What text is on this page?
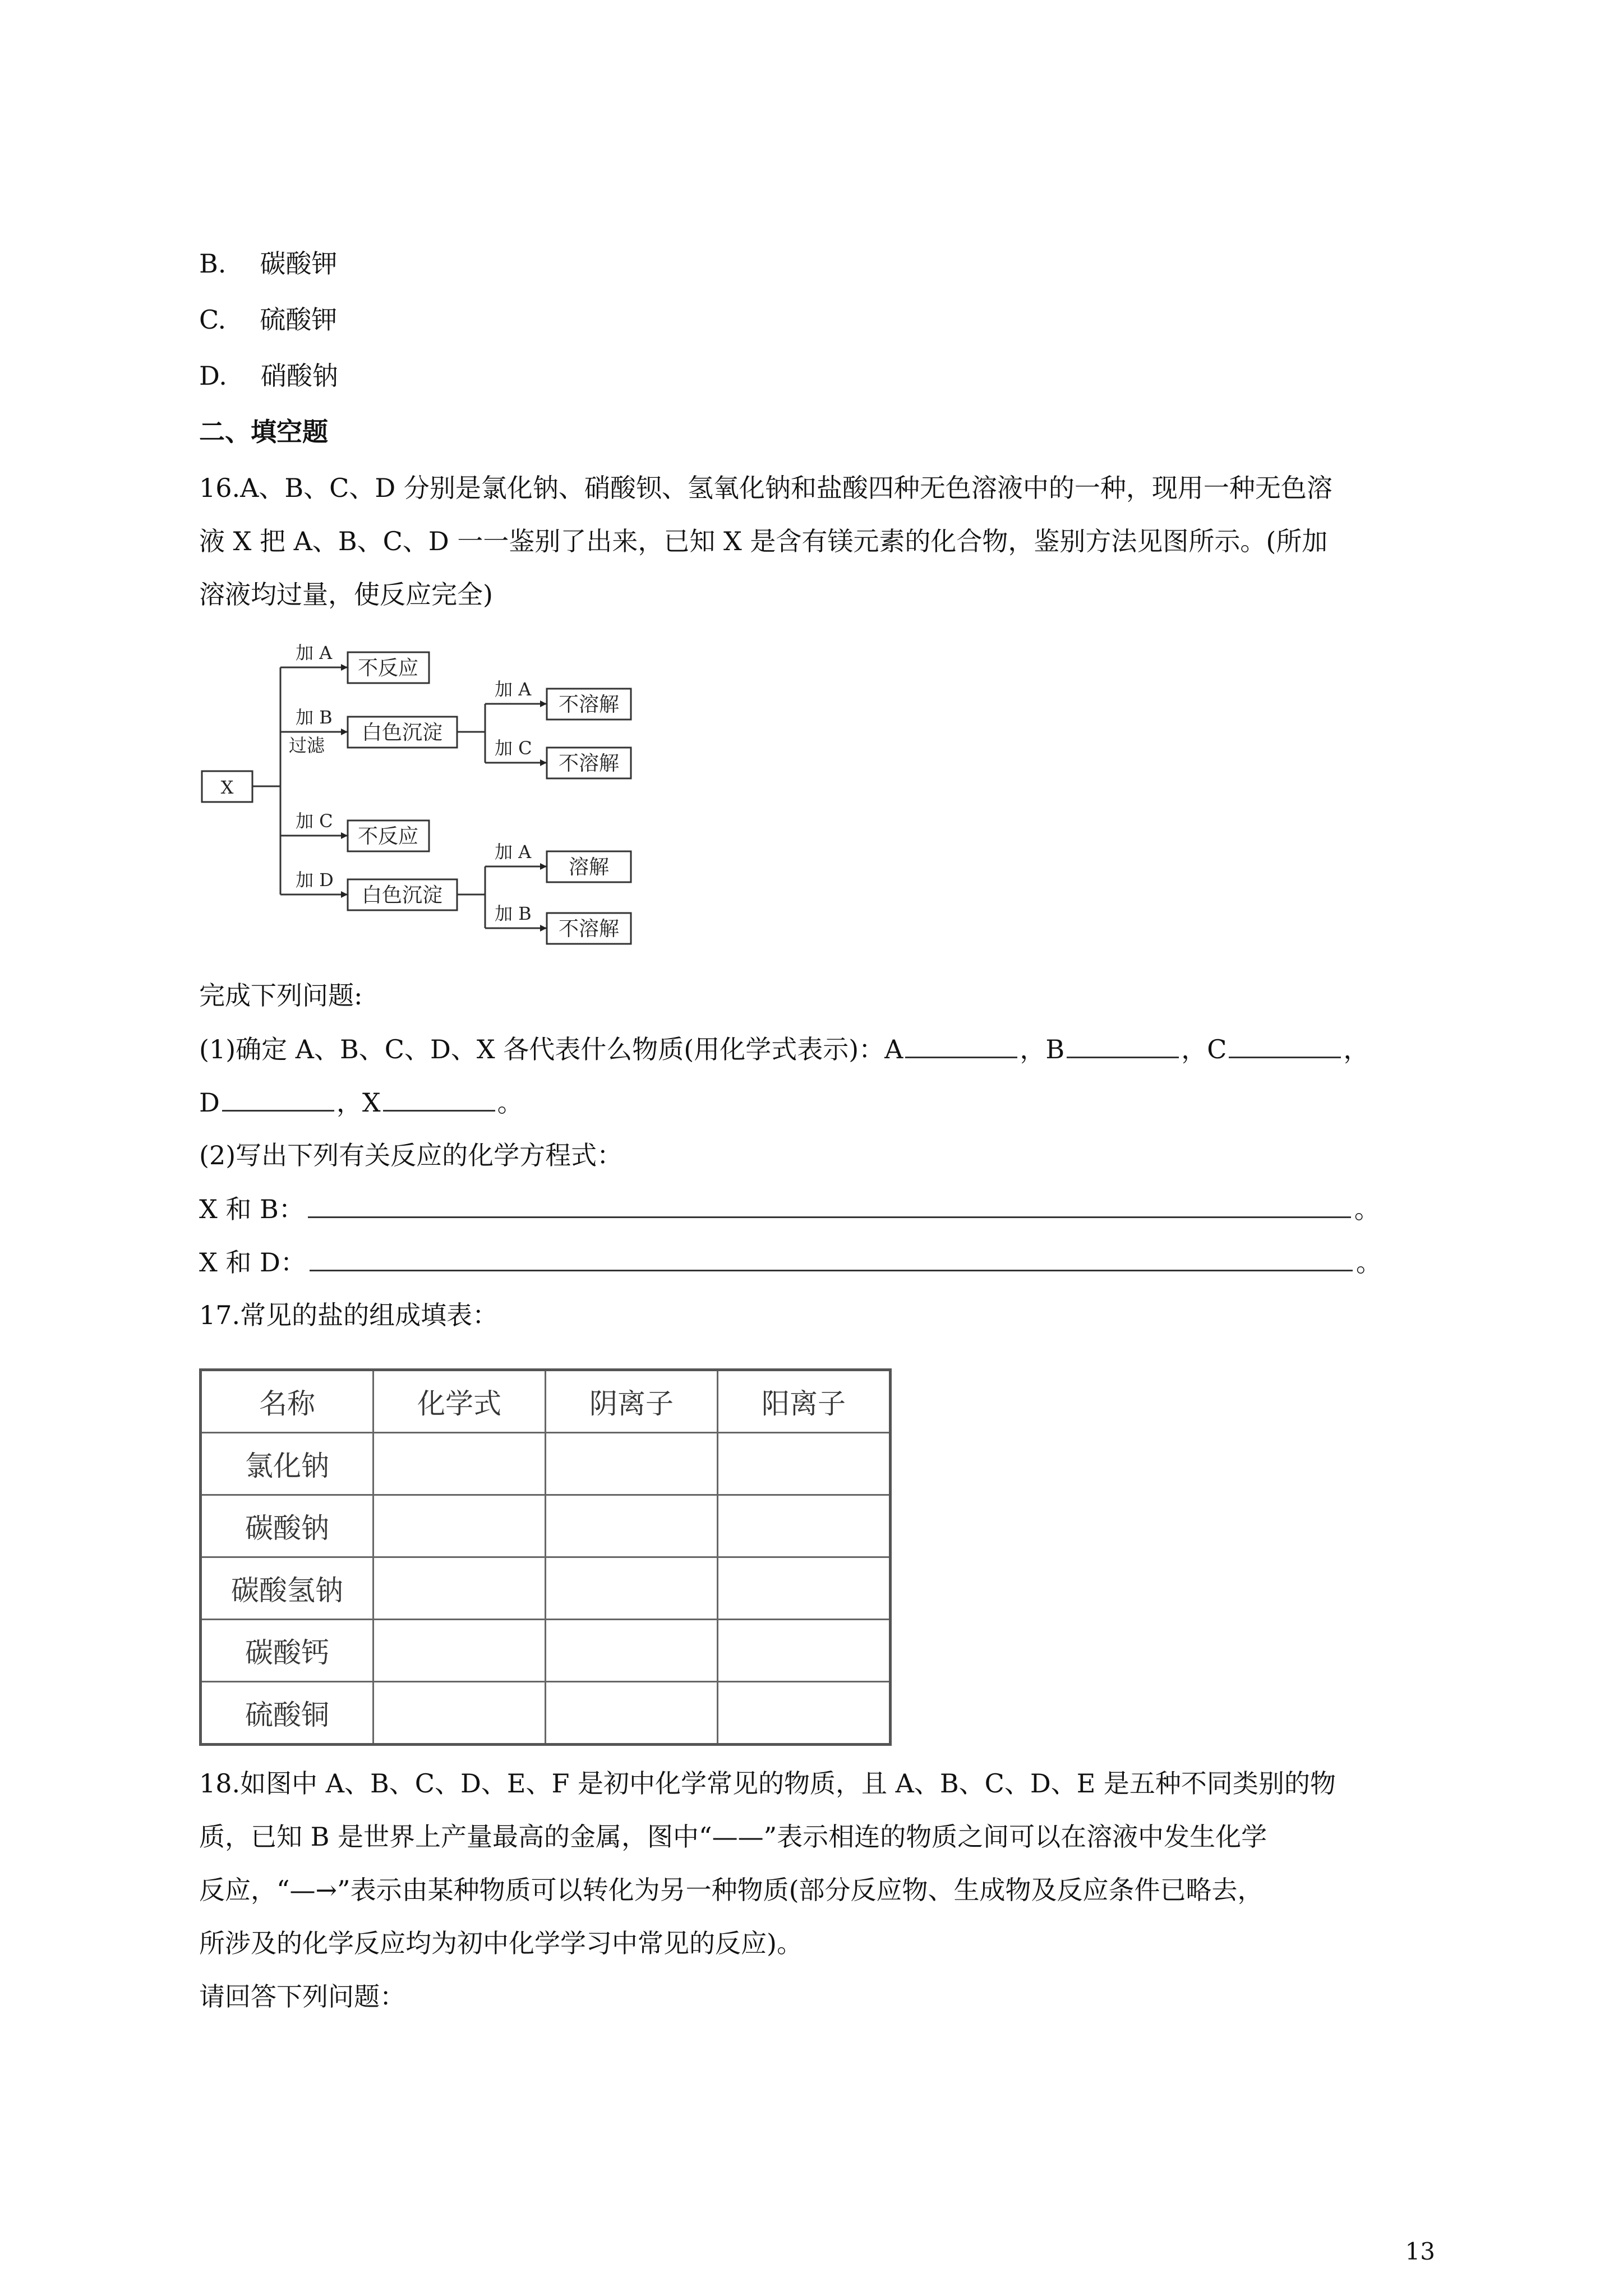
B. 碳酸钾
C. 硫酸钾
D. 硝酸钠
二、填空题
16.A、B、C、D 分别是氯化钠、硝酸钡、氢氧化钠和盐酸四种无色溶液中的一种，现用一种无色溶
液 X 把 A、B、C、D 一一鉴别了出来，已知 X 是含有镁元素的化合物，鉴别方法见图所示。(所加
溶液均过量，使反应完全)
X
加 A
加 B
过滤
加 C
加 D
不反应
白色沉淀
不反应
白色沉淀
加 A
加 C
不溶解
不溶解
加 A
加 B
溶解
不溶解
完成下列问题:
(1)确定 A、B、C、D、X 各代表什么物质(用化学式表示)：A	，B	，C	，
D	，X	。
(2)写出下列有关反应的化学方程式：
X 和 B：	。
X 和 D：	。
17.常见的盐的组成填表：
名称	化学式	阴离子	阳离子
氯化钠			
碳酸钠			
碳酸氢钠			
碳酸钙			
硫酸铜			
18.如图中 A、B、C、D、E、F 是初中化学常见的物质，且 A、B、C、D、E 是五种不同类别的物
质，已知 B 是世界上产量最高的金属，图中“——”表示相连的物质之间可以在溶液中发生化学
反应，“—→”表示由某种物质可以转化为另一种物质(部分反应物、生成物及反应条件已略去，
所涉及的化学反应均为初中化学学习中常见的反应)。
请回答下列问题：
13
